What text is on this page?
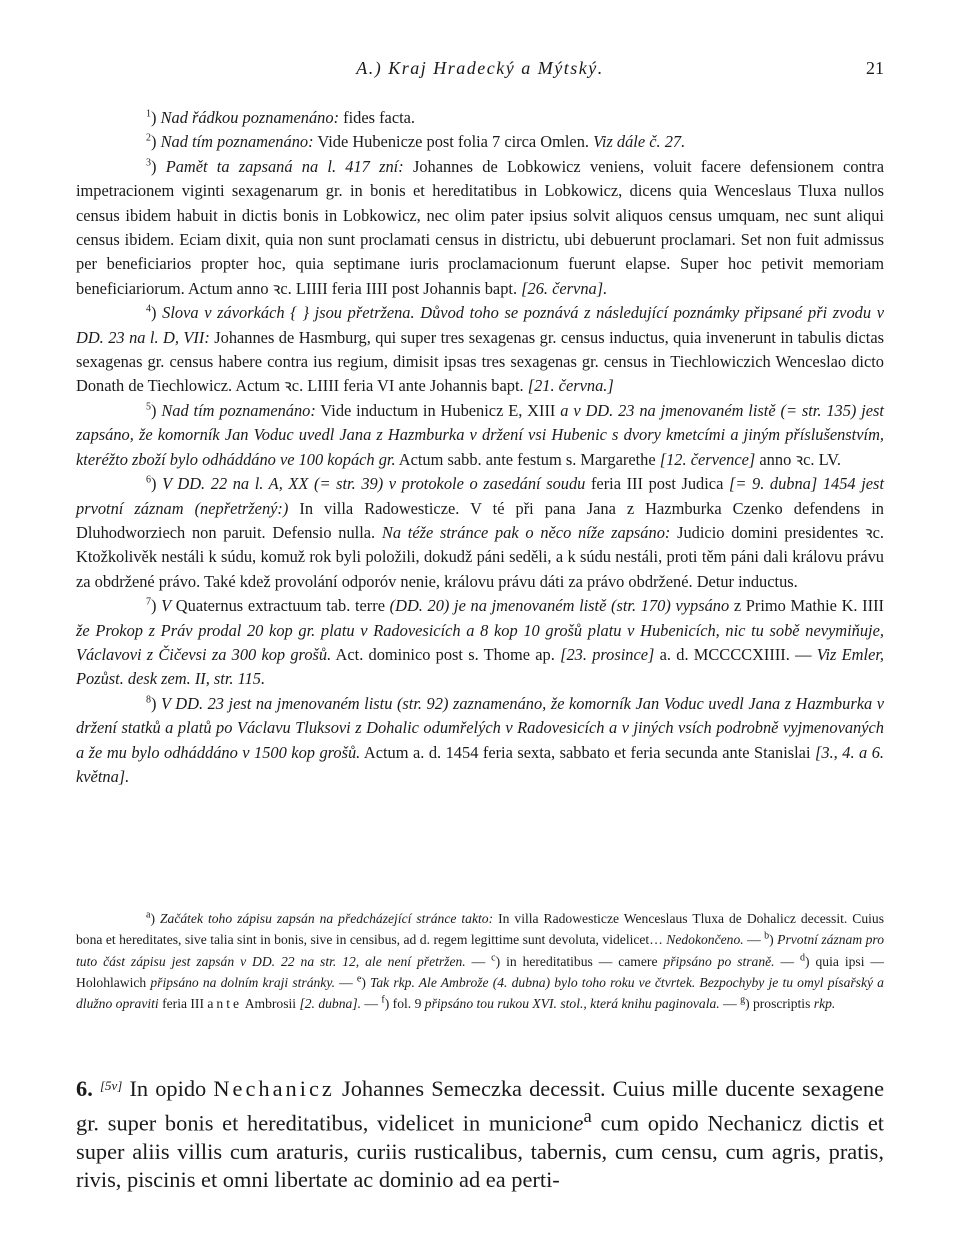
A.) Kraj Hradecký a Mýtský.	21

$^1$) Nad řádkou poznamenáno: fides facta.

$^2$) Nad tím poznamenáno: Vide Hubenicze post folia 7 circa Omlen. Viz dále č. 27.

$^3$) Pamět ta zapsaná na l. 417 zní: Johannes de Lobkowicz veniens, voluit facere defensionem contra impetracionem viginti sexagenarum gr. in bonis et hereditatibus in Lobkowicz, dicens quia Wenceslaus Tluxa nullos census ibidem habuit in dictis bonis in Lobkowicz, nec olim pater ipsius solvit aliquos census umquam, nec sunt aliqui census ibidem. Eciam dixit, quia non sunt proclamati census in districtu, ubi debuerunt proclamari. Set non fuit admissus per beneficiarios propter hoc, quia septimane iuris proclamacionum fuerunt elapse. Super hoc petivit memoriam beneficiariorum. Actum anno ꝛc. LIIII feria IIII post Johannis bapt. [26. června].

$^4$) Slova v závorkách { } jsou přetržena. Důvod toho se poznává z následující poznámky připsané při zvodu v DD. 23 na l. D, VII: Johannes de Hasmburg, qui super tres sexagenas gr. census inductus, quia invenerunt in tabulis dictas sexagenas gr. census habere contra ius regium, dimisit ipsas tres sexagenas gr. census in Tiechlowiczich Wenceslao dicto Donath de Tiechlowicz. Actum ꝛc. LIIII feria VI ante Johannis bapt. [21. června.]

$^5$) Nad tím poznamenáno: Vide inductum in Hubenicz E, XIII a v DD. 23 na jmenovaném listě (= str. 135) jest zapsáno, že komorník Jan Voduc uvedl Jana z Hazmburka v držení vsi Hubenic s dvory kmetcími a jiným příslušenstvím, kteréžto zboží bylo odháddáno ve 100 kopách gr. Actum sabb. ante festum s. Margarethe [12. července] anno ꝛc. LV.

$^6$) V DD. 22 na l. A, XX (= str. 39) v protokole o zasedání soudu feria III post Judica [= 9. dubna] 1454 jest prvotní záznam (nepřetržený:) In villa Radowesticze. V té při pana Jana z Hazmburka Czenko defendens in Dluhodworziech non paruit. Defensio nulla. Na téže stránce pak o něco níže zapsáno: Judicio domini presidentes ꝛc. Ktožkolivěk nestáli k súdu, komuž rok byli položili, dokudž páni seděli, a k súdu nestáli, proti těm páni dali královu právu za obdržené právo. Také kdež provolání odporóv nenie, královu právu dáti za právo obdržené. Detur inductus.

$^7$) V Quaternus extractuum tab. terre (DD. 20) je na jmenovaném listě (str. 170) vypsáno z Primo Mathie K. IIII že Prokop z Práv prodal 20 kop gr. platu v Radovesicích a 8 kop 10 grošů platu v Hubenicích, nic tu sobě nevymiňuje, Václavovi z Čičevsi za 300 kop grošů. Act. dominico post s. Thome ap. [23. prosince] a. d. MCCCCXIIII. — Viz Emler, Pozůst. desk zem. II, str. 115.

$^8$) V DD. 23 jest na jmenovaném listu (str. 92) zaznamenáno, že komorník Jan Voduc uvedl Jana z Hazmburka v držení statků a platů po Václavu Tluksovi z Dohalic odumřelých v Radovesicích a v jiných vsích podrobně vyjmenovaných a že mu bylo odháddáno v 1500 kop grošů. Actum a. d. 1454 feria sexta, sabbato et feria secunda ante Stanislai [3., 4. a 6. května].

$^a$) Začátek toho zápisu zapsán na předcházející stránce takto: In villa Radowesticze Wenceslaus Tluxa de Dohalicz decessit. Cuius bona et hereditates, sive talia sint in bonis, sive in censibus, ad d. regem legittime sunt devoluta, videlicet… Nedokončeno. — $^b$) Prvotní záznam pro tuto část zápisu jest zapsán v DD. 22 na str. 12, ale není přetržen. — $^c$) in hereditatibus — camere připsáno po straně. — $^d$) quia ipsi — Holohlawich připsáno na dolním kraji stránky. — $^e$) Tak rkp. Ale Ambrože (4. dubna) bylo toho roku ve čtvrtek. Bezpochyby je tu omyl písařský a dlužno opraviti feria III ante Ambrosii [2. dubna]. — $^f$) fol. 9 připsáno tou rukou XVI. stol., která knihu paginovala. — $^g$) proscriptis rkp.

6. [5v] In opido Nechanicz Johannes Semeczka decessit. Cuius mille ducente sexagene gr. super bonis et hereditatibus, videlicet in municione$^a$ cum opido Nechanicz dictis et super aliis villis cum araturis, curiis rusticalibus, tabernis, cum censu, cum agris, pratis, rivis, piscinis et omni libertate ac dominio ad ea perti-
